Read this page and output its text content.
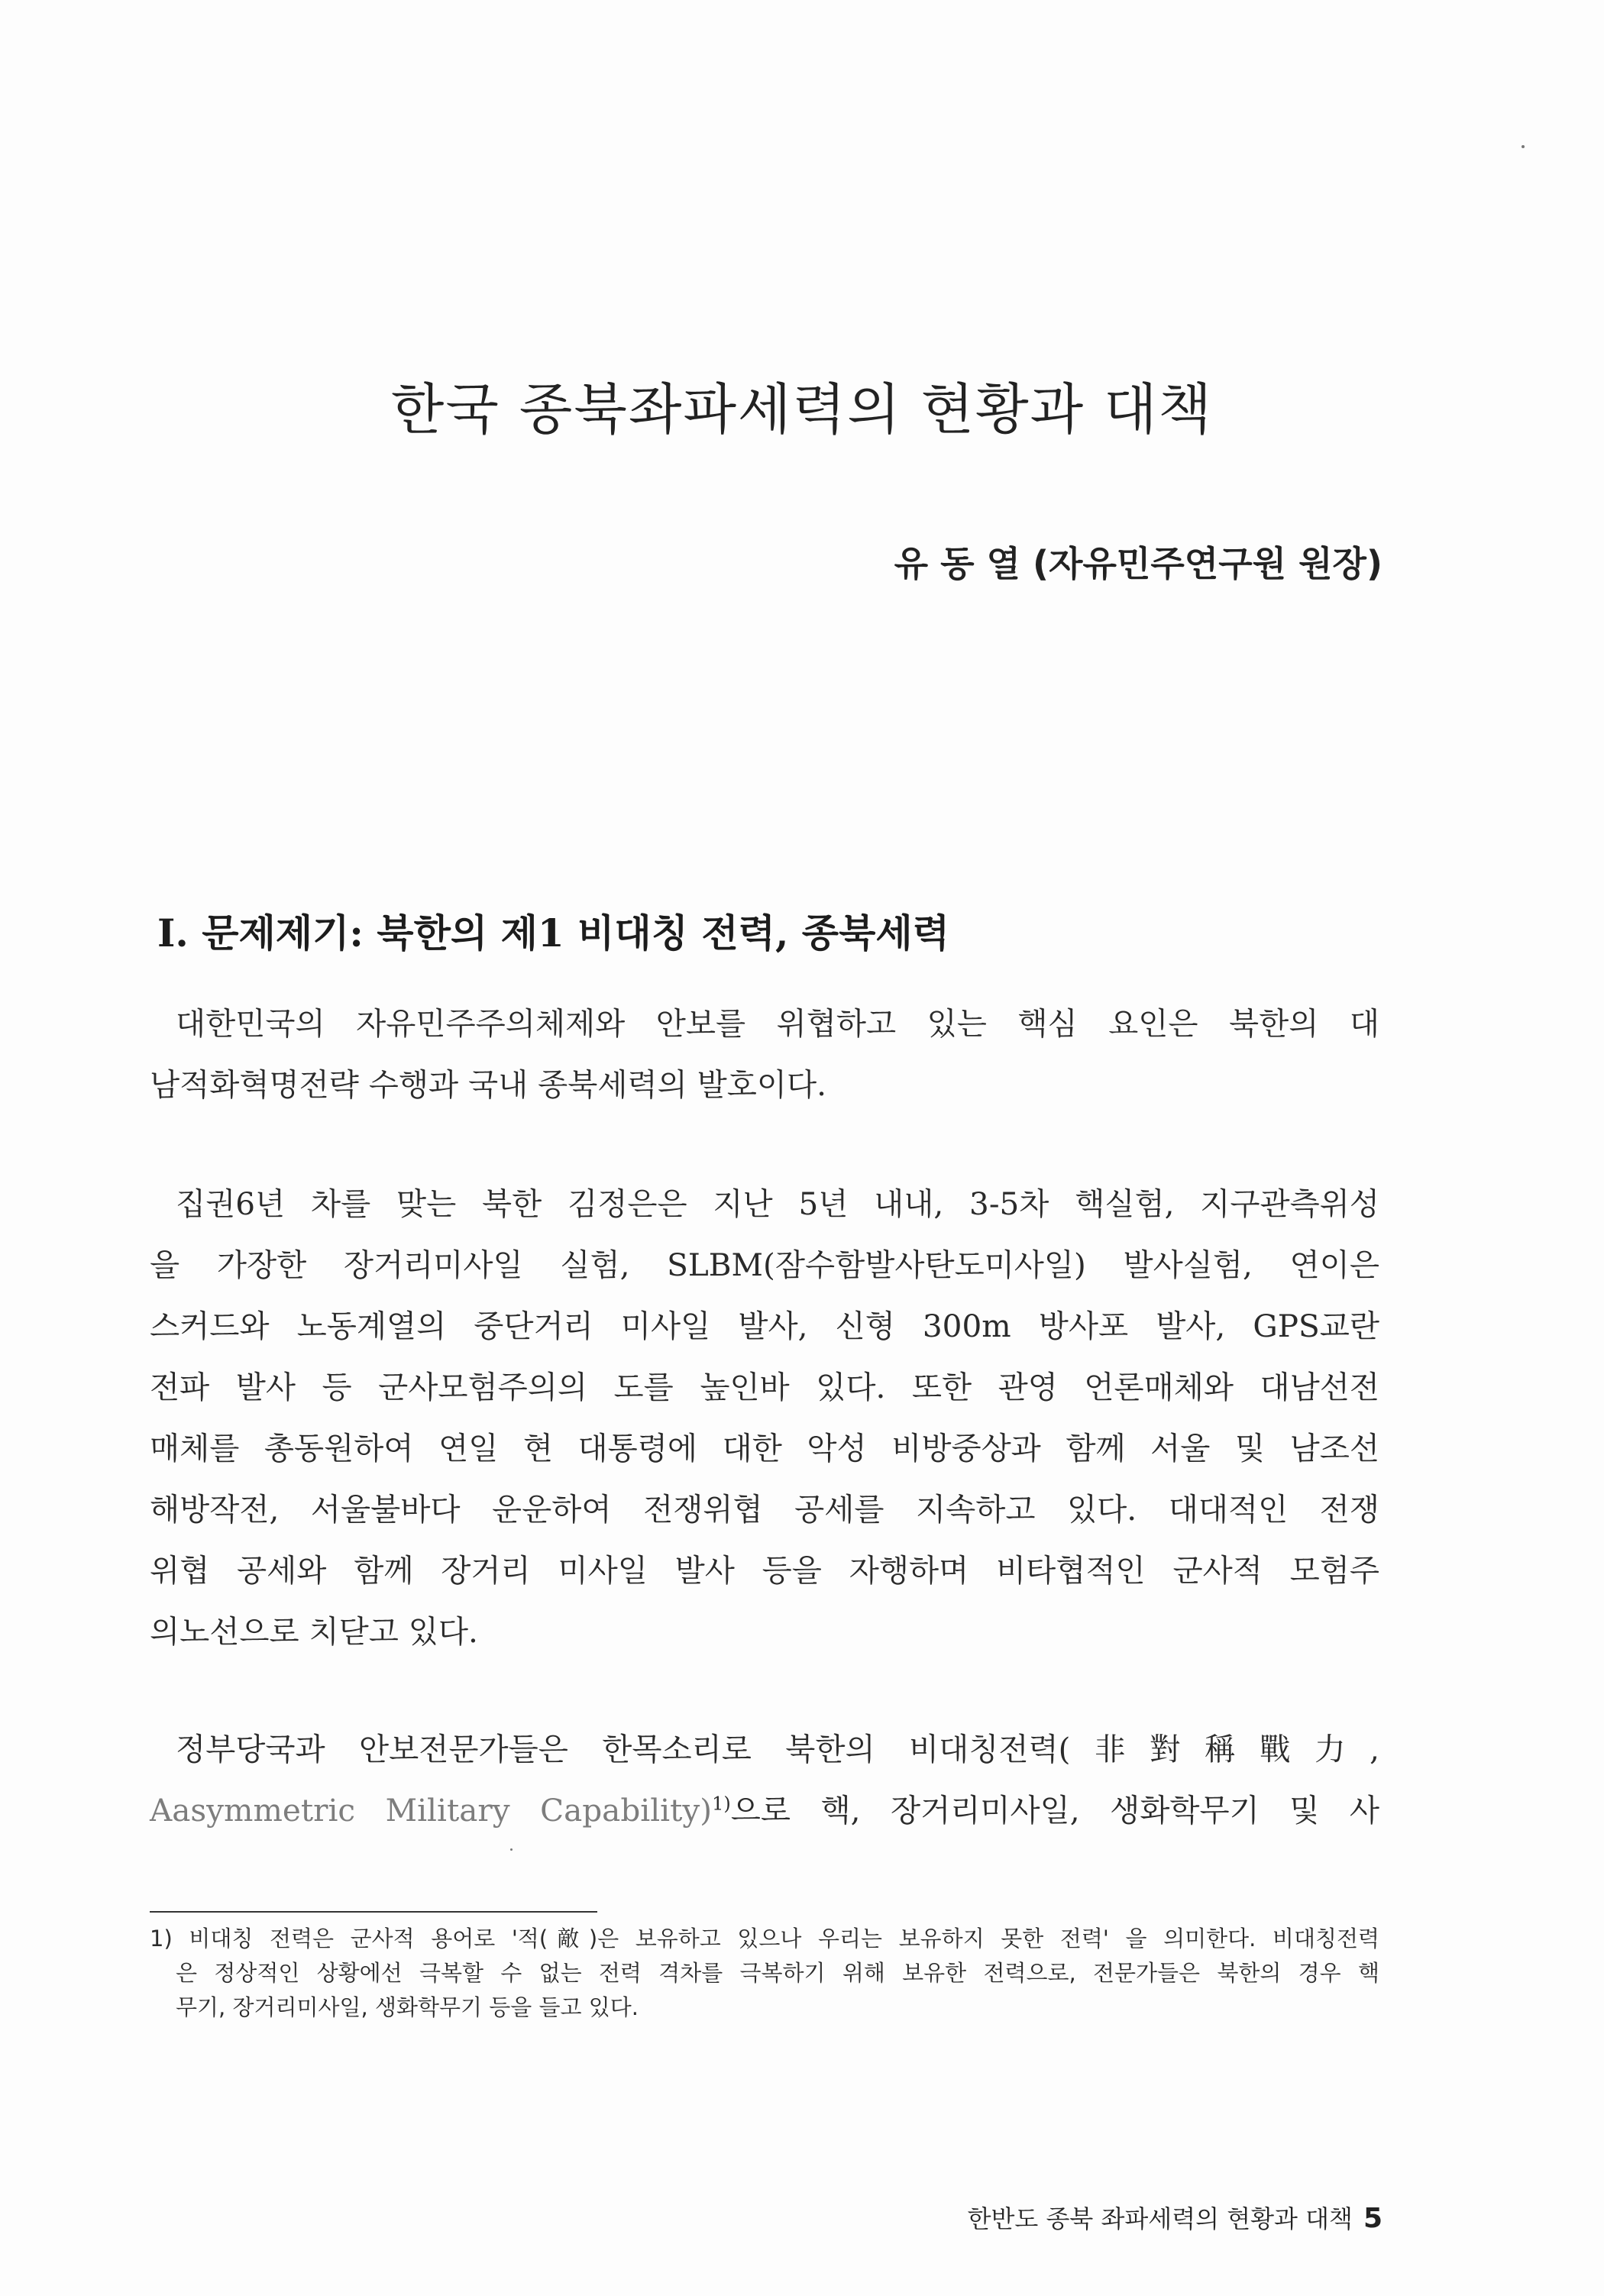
한국 종북좌파세력의 현황과 대책
유 동 열 (자유민주연구원 원장)
Ⅰ. 문제제기: 북한의 제1 비대칭 전력, 종북세력
대한민국의 자유민주주의체제와 안보를 위협하고 있는 핵심 요인은 북한의 대
남적화혁명전략 수행과 국내 종북세력의 발호이다.
집권6년 차를 맞는 북한 김정은은 지난 5년 내내, 3-5차 핵실험, 지구관측위성
을 가장한 장거리미사일 실험, SLBM(잠수함발사탄도미사일) 발사실험, 연이은
스커드와 노동계열의 중단거리 미사일 발사, 신형 300m 방사포 발사, GPS교란
전파 발사 등 군사모험주의의 도를 높인바 있다. 또한 관영 언론매체와 대남선전
매체를 총동원하여 연일 현 대통령에 대한 악성 비방중상과 함께 서울 및 남조선
해방작전, 서울불바다 운운하여 전쟁위협 공세를 지속하고 있다. 대대적인 전쟁
위협 공세와 함께 장거리 미사일 발사 등을 자행하며 비타협적인 군사적 모험주
의노선으로 치닫고 있다.
정부당국과 안보전문가들은 한목소리로 북한의 비대칭전력(非對稱戰力,
Aasymmetric Military Capability)$^{1)}$으로 핵, 장거리미사일, 생화학무기 및 사
1) 비대칭 전력은 군사적 용어로 '적(敵)은 보유하고 있으나 우리는 보유하지 못한 전력' 을 의미한다. 비대칭전력
은 정상적인 상황에선 극복할 수 없는 전력 격차를 극복하기 위해 보유한 전력으로, 전문가들은 북한의 경우 핵
무기, 장거리미사일, 생화학무기 등을 들고 있다.
한반도 종북 좌파세력의 현황과 대책 5
